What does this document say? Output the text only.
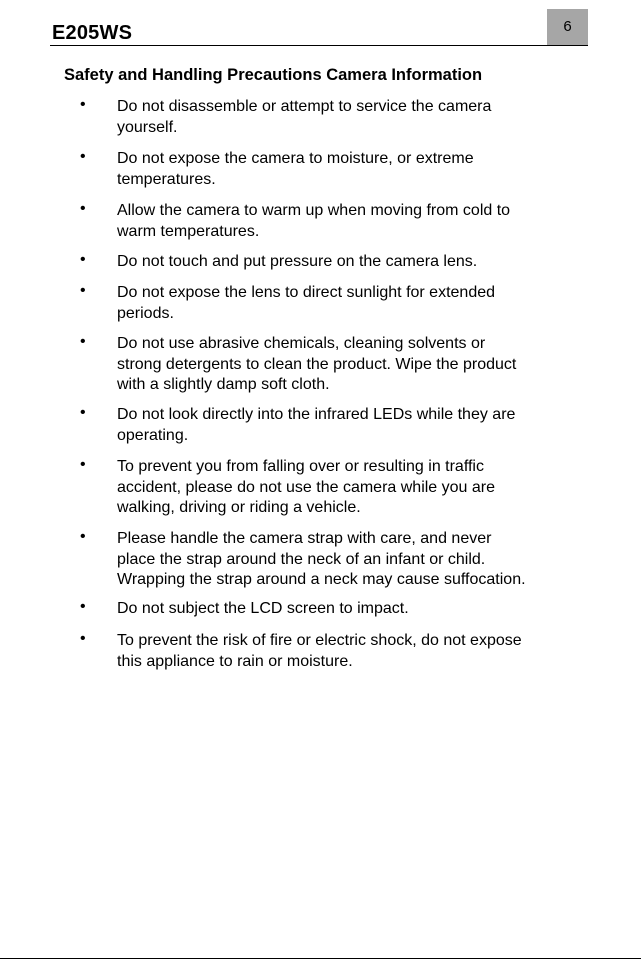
E205WS	6
Safety and Handling Precautions Camera Information
• Do not disassemble or attempt to service the camera
yourself.
• Do not expose the camera to moisture, or extreme
temperatures.
• Allow the camera to warm up when moving from cold to
warm temperatures.
• Do not touch and put pressure on the camera lens.
• Do not expose the lens to direct sunlight for extended
periods.
• Do not use abrasive chemicals, cleaning solvents or
strong detergents to clean the product. Wipe the product
with a slightly damp soft cloth.
• Do not look directly into the infrared LEDs while they are
operating.
• To prevent you from falling over or resulting in traffic
accident, please do not use the camera while you are
walking, driving or riding a vehicle.
• Please handle the camera strap with care, and never
place the strap around the neck of an infant or child.
Wrapping the strap around a neck may cause suffocation.
• Do not subject the LCD screen to impact.
• To prevent the risk of fire or electric shock, do not expose
this appliance to rain or moisture.
